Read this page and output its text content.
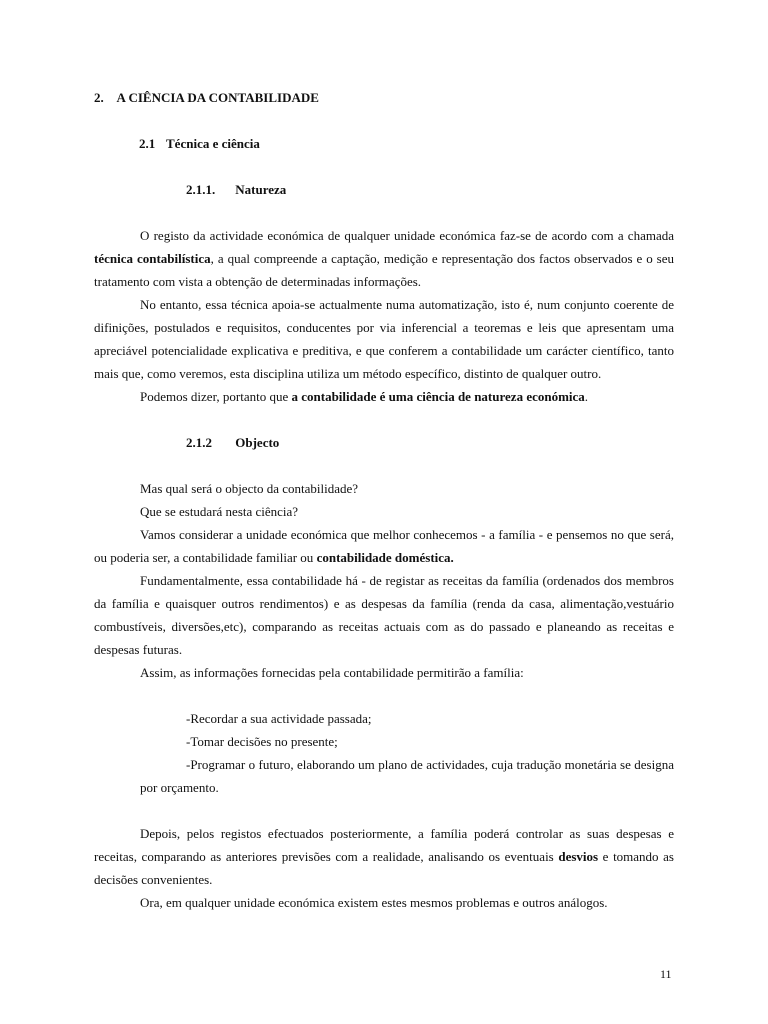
2. A CIÊNCIA DA CONTABILIDADE
2.1 Técnica e ciência
2.1.1. Natureza

O registo da actividade económica de qualquer unidade económica faz-se de acordo com a chamada técnica contabilística, a qual compreende a captação, medição e representação dos factos observados e o seu tratamento com vista a obtenção de determinadas informações.

No entanto, essa técnica apoia-se actualmente numa automatização, isto é, num conjunto coerente de difinições, postulados e requisitos, conducentes por via inferencial a teoremas e leis que apresentam uma apreciável potencialidade explicativa e preditiva, e que conferem a contabilidade um carácter científico, tanto mais que, como veremos, esta disciplina utiliza um método específico, distinto de qualquer outro.

Podemos dizer, portanto que a contabilidade é uma ciência de natureza económica.

2.1.2 Objecto

Mas qual será o objecto da contabilidade?

Que se estudará nesta ciência?

Vamos considerar a unidade económica que melhor conhecemos - a família - e pensemos no que será, ou poderia ser, a contabilidade familiar ou contabilidade doméstica.

Fundamentalmente, essa contabilidade há - de registar as receitas da família (ordenados dos membros da família e quaisquer outros rendimentos) e as despesas da família (renda da casa, alimentação,vestuário combustíveis, diversões,etc), comparando as receitas actuais com as do passado e planeando as receitas e despesas futuras.

Assim, as informações fornecidas pela contabilidade permitirão a família:

-Recordar a sua actividade passada;
-Tomar decisões no presente;
-Programar o futuro, elaborando um plano de actividades, cuja tradução monetária se designa por orçamento.

Depois, pelos registos efectuados posteriormente, a família poderá controlar as suas despesas e receitas, comparando as anteriores previsões com a realidade, analisando os eventuais desvios e tomando as decisões convenientes.

Ora, em qualquer unidade económica existem estes mesmos problemas e outros análogos.

11
